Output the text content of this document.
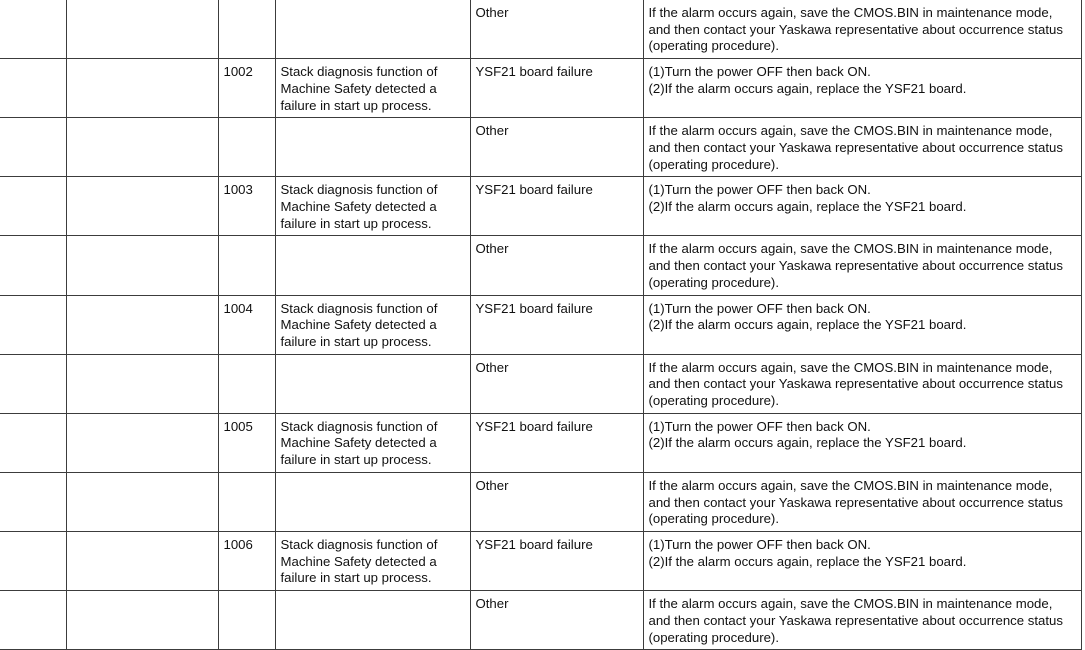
				Other	If the alarm occurs again, save the CMOS.BIN in maintenance mode, and then contact your Yaskawa representative about occurrence status (operating procedure).
		1002	Stack diagnosis function of Machine Safety detected a failure in start up process.	YSF21 board failure	(1)Turn the power OFF then back ON.
(2)If the alarm occurs again, replace the YSF21 board.
				Other	If the alarm occurs again, save the CMOS.BIN in maintenance mode, and then contact your Yaskawa representative about occurrence status (operating procedure).
		1003	Stack diagnosis function of Machine Safety detected a failure in start up process.	YSF21 board failure	(1)Turn the power OFF then back ON.
(2)If the alarm occurs again, replace the YSF21 board.
				Other	If the alarm occurs again, save the CMOS.BIN in maintenance mode, and then contact your Yaskawa representative about occurrence status (operating procedure).
		1004	Stack diagnosis function of Machine Safety detected a failure in start up process.	YSF21 board failure	(1)Turn the power OFF then back ON.
(2)If the alarm occurs again, replace the YSF21 board.
				Other	If the alarm occurs again, save the CMOS.BIN in maintenance mode, and then contact your Yaskawa representative about occurrence status (operating procedure).
		1005	Stack diagnosis function of Machine Safety detected a failure in start up process.	YSF21 board failure	(1)Turn the power OFF then back ON.
(2)If the alarm occurs again, replace the YSF21 board.
				Other	If the alarm occurs again, save the CMOS.BIN in maintenance mode, and then contact your Yaskawa representative about occurrence status (operating procedure).
		1006	Stack diagnosis function of Machine Safety detected a failure in start up process.	YSF21 board failure	(1)Turn the power OFF then back ON.
(2)If the alarm occurs again, replace the YSF21 board.
				Other	If the alarm occurs again, save the CMOS.BIN in maintenance mode, and then contact your Yaskawa representative about occurrence status (operating procedure).
